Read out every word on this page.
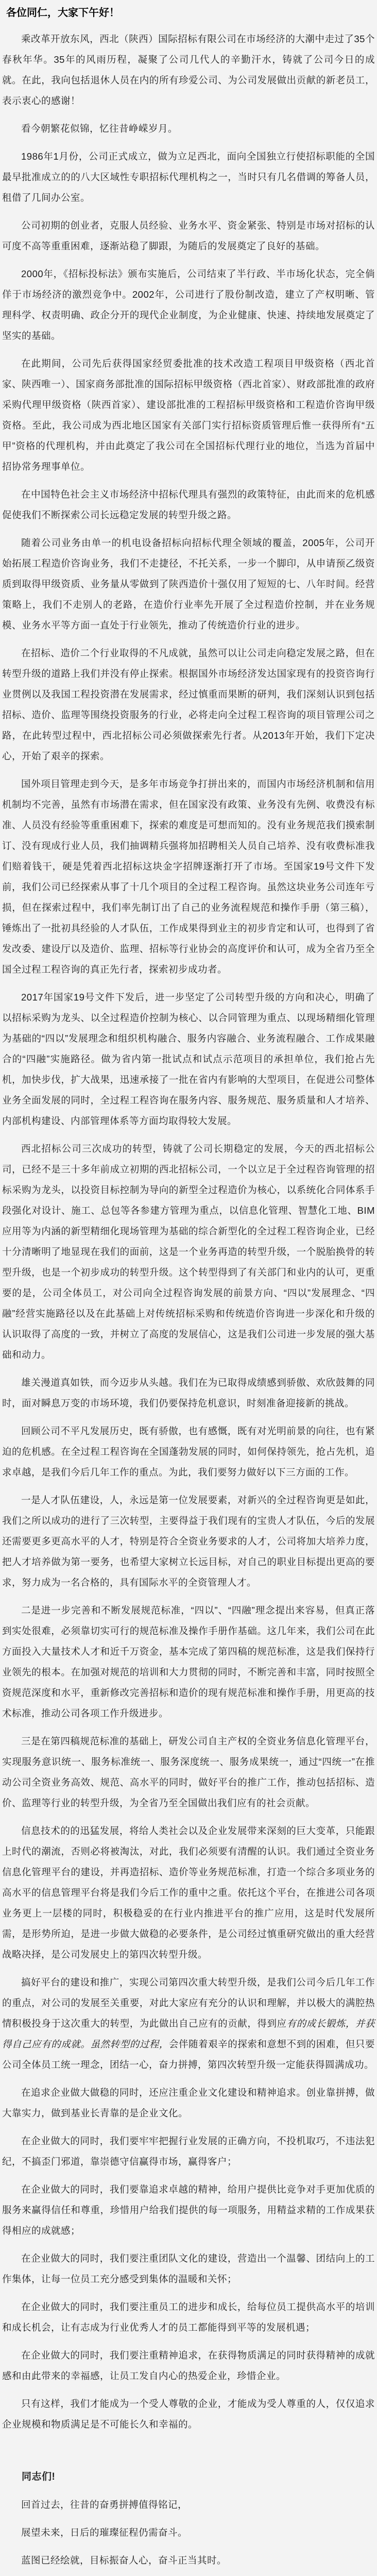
各位同仁，大家下午好！

乘改革开放东风，西北（陕西）国际招标有限公司在市场经济的大潮中走过了35个春秋年华。35年的风雨历程，凝聚了公司几代人的辛勤汗水，铸就了公司今日的成就。在此，我向包括退休人员在内的所有珍爱公司、为公司发展做出贡献的新老员工，表示衷心的感谢！

看今朝繁花似锦，忆往昔峥嵘岁月。

1986年1月份，公司正式成立，做为立足西北，面向全国独立行使招标职能的全国最早批准成立的的八大区域性专职招标代理机构之一，当时只有几名借调的筹备人员，租借了几间办公室。

公司初期的创业者，克服人员经验、业务水平、资金紧张、特别是市场对招标的认可度不高等重重困难，逐渐站稳了脚跟，为随后的发展奠定了良好的基础。

2000年，《招标投标法》颁布实施后，公司结束了半行政、半市场化状态，完全倘佯于市场经济的激烈竞争中。2002年，公司进行了股份制改造，建立了产权明晰、管理科学、权责明确、政企分开的现代企业制度，为企业健康、快速、持续地发展奠定了坚实的基础。

在此期间，公司先后获得国家经贸委批准的技术改造工程项目甲级资格（西北首家、陕西唯一）、国家商务部批准的国际招标甲级资格（西北首家）、财政部批准的政府采购代理甲级资格（陕西首家）、建设部批准的工程招标甲级资格和工程造价咨询甲级资格。至此，我公司成为西北地区国家有关部门实行招标资质管理后惟一获得所有“五甲”资格的代理机构，并由此奠定了我公司在全国招标代理行业的地位，当选为首届中招协常务理事单位。

在中国特色社会主义市场经济中招标代理具有强烈的政策特征，由此而来的危机感促使我们不断探索公司长远稳定发展的转型升级之路。

随着公司业务由单一的机电设备招标向招标代理全领域的覆盖，2005年，公司开始拓展工程造价咨询业务，我们不走捷径，不托关系，一步一个脚印，从申请预乙级资质到取得甲级资质、业务量从零做到了陕西造价十强仅用了短短的七、八年时间。经营策略上，我们不走别人的老路，在造价行业率先开展了全过程造价控制，并在业务规模、业务水平等方面一直处于行业领先，推动了传统造价行业的进步。

在招标、造价二个行业取得的不凡成就，虽然可以让公司走向稳定发展之路，但在转型升级的道路上我们并没有停止探索。根据国外市场经济发达国家现有的投资咨询行业贯例以及我国工程投资潜在发展需求，经过慎重而果断的研判，我们深刻认识到包括招标、造价、监理等围绕投资服务的行业，必将走向全过程工程咨询的项目管理公司之路，在此转型过程中，西北招标公司必须做探索先行者。从2013年开始，我们下定决心，开始了艰辛的探索。

国外项目管理走到今天，是多年市场竞争打拼出来的，而国内市场经济机制和信用机制均不完善，虽然有市场潜在需求，但在国家没有政策、业务没有先例、收费没有标准、人员没有经验等重重困难下，探索的难度是可想而知的。没有业务规范我们摸索制订、没有现成行业人员，我们抽调精兵强将加招聘相关人员自己培养、没有收费标准我们赔着钱干，硬是凭着西北招标这块金字招牌逐渐打开了市场。至国家19号文件下发前，我们公司已经探索从事了十几个项目的全过程工程咨询。虽然这块业务公司连年亏损，但在探索过程中，我们率先制订出了自己的业务流程规范和操作手册（第三稿），锤炼出了一批初具经验的人才队伍，工作成果得到业主的初步肯定和认可，也得到了省发改委、建设厅以及造价、监理、招标等行业协会的高度评价和认可，成为全省乃至全国全过程工程咨询的真正先行者，探索初步成功者。

2017年国家19号文件下发后，进一步坚定了公司转型升级的方向和决心，明确了以招标采购为龙头、以全过程造价控制为核心、以合同管理为重点、以现场精细化管理为基础的“四以”发展理念和组织机构融合、服务内容融合、业务流程融合、工作成果融合的“四融”实施路径。做为省内第一批试点和试点示范项目的承担单位，我们抢占先机，加快步伐，扩大战果，迅速承接了一批在省内有影响的大型项目，在促进公司整体业务全面发展的同时，全过程工程咨询在服务内容、服务规范、服务质量和人才培养、内部机构建设、内部管理体系等方面均取得较大发展。

西北招标公司三次成功的转型，铸就了公司长期稳定的发展，今天的西北招标公司，已经不是三十多年前成立初期的西北招标公司，一个以立足于全过程咨询管理的招标采购为龙头，以投资目标控制为导向的新型全过程造价为核心，以系统化合同体系手段强化对设计、施工、总包等各参建方管理为重点，以信息化管理、智慧化工地、BIM应用等为内涵的新型精细化现场管理为基础的综合新型化的全过程工程咨询企业，已经十分清晰明了地显现在我们的面前，这是一个业务再造的转型升级，一个脱胎换骨的转型升级，也是一个初步成功的转型升级。这个转型得到了有关部门和业内的认可，更重要的是，公司全体员工，对公司向全过程咨询发展的前景方向、“四以”发展理念、“四融”经营实施路径以及在此基础上对传统招标采购和传统造价咨询进一步深化和升级的认识取得了高度的一致，并树立了高度的发展信心，这是我们公司进一步发展的强大基础和动力。

雄关漫道真如铁，而今迈步从头越。我们在为已取得成绩感到骄傲、欢欣鼓舞的同时，面对瞬息万变的市场环境，我们仍要保持危机意识，时刻准备迎接新的挑战。

回顾公司不平凡发展历史，既有骄傲，也有感慨，既有对光明前景的向往，也有紧迫的危机感。在全过程工程咨询在全国蓬勃发展的同时，如何保持领先，抢占先机，追求卓越，是我们今后几年工作的重点。为此，我们要努力做好以下三方面的工作。

一是人才队伍建设，人，永远是第一位发展要素，对新兴的全过程咨询更是如此，我们之所以成功的进行了三次转型，主要得益于我们现有的宝贵人才队伍，今后的发展还需要更多更高水平的人才，特别是符合全资业务要求的人才，公司将加大培养力度，把人才培养做为第一要务，也希望大家树立长远目标，对自己的职业目标提出更高的要求，努力成为一名合格的，具有国际水平的全资管理人才。

二是进一步完善和不断发展规范标准，“四以”、“四融”理念提出来容易，但真正落到实处很难，必须靠切实可行的规范标准及操作手册作基础。这几年来，我们公司在此方面投入大量技术人才和近千万资金，基本完成了第四稿的规范标准，这是我们保持行业领先的根本。在加强对规范的培训和大力贯彻的同时，不断完善和丰富，同时按照全资规范深度和水平，重新修改完善招标和造价的现有规范标准和操作手册，用更高的技术标准，推动公司各项工作升级进步。

三是在第四稿规范标准的基础上，研发公司自主产权的全资业务信息化管理平台，实现服务意识统一、服务标准统一、服务深度统一、服务成果统一，通过“四统一”在推动公司全资业务高效、规范、高水平的同时，做好平台的推广工作，推动包括招标、造价、监理等行业的转型升级，为全省乃至全国做出我们应有的社会贡献。

信息技术的的迅猛发展，将给人类社会以及企业发展带来深刻的巨大变革，只能跟上时代的潮流，否则必将被淘汰，对此，我们必须要有清醒的认识。我们通过全资业务信息化管理平台的建设，并再造招标、造价等业务规范标准，打造一个综合多项业务的高水平的信息管理平台将是我们今后工作的重中之重。依托这个平台，在推进公司各项业务更上一层楼的同时，积极稳妥的在行业内推进平台的推广应用，这是时代发展所需，是形势所迫，是进一步做大做稳的必要条件，是公司经过慎重研究做出的重大经营战略决择，是公司发展史上的第四次转型升级。

搞好平台的建设和推广，实现公司第四次重大转型升级，是我们公司今后几年工作的重点，对公司的发展至关重要，对此大家应有充分的认识和理解，并以极大的满腔热情积极投身于这次重大的转型，为此做出自己应有的贡献，得到应有的成长锻炼，并获得自己应有的成就。虽然转型的过程，会伴随着艰辛的探索和意想不到的困难，但只要公司全体员工统一理念，团结一心，奋力拼搏，第四次转型升级一定能获得圆满成功。

在追求企业做大做稳的同时，还应注重企业文化建设和精神追求。创业靠拼搏，做大靠实力，做到基业长青靠的是企业文化。

在企业做大的同时，我们要牢牢把握行业发展的正确方向，不投机取巧，不违法犯纪，不搞歪门邪道，靠崇德守信赢得市场，赢得客户；

在企业做大的同时，我们要靠追求卓越的精神，给用户提供比竞争对手更加优质的服务来赢得信任和尊重，珍惜用户给我们提供的每一项服务，用精益求精的工作成果获得相应的成就感；

在企业做大的同时，我们要注重团队文化的建设，营造出一个温馨、团结向上的工作集体，让每一位员工充分感受到集体的温暖和关怀；

在企业做大的同时，我们要注重员工的进步和成长，给每位员工提供高水平的培训和成长机会，让有志成为行业优秀人才的员工都能得到平等的发展机遇；

在企业做大的同时，我们要注重精神追求，在获得物质满足的同时获得精神的成就感和由此带来的幸福感，让员工发自内心的热爱企业，珍惜企业。

只有这样，我们才能成为一个受人尊敬的企业，才能成为受人尊重的人，仅仅追求企业规模和物质满足是不可能长久和幸福的。

同志们!

回首过去，往昔的奋勇拼搏值得铭记，

展望未来，日后的璀璨征程仍需奋斗。

蓝图已经绘就，目标振奋人心，奋斗正当其时。
